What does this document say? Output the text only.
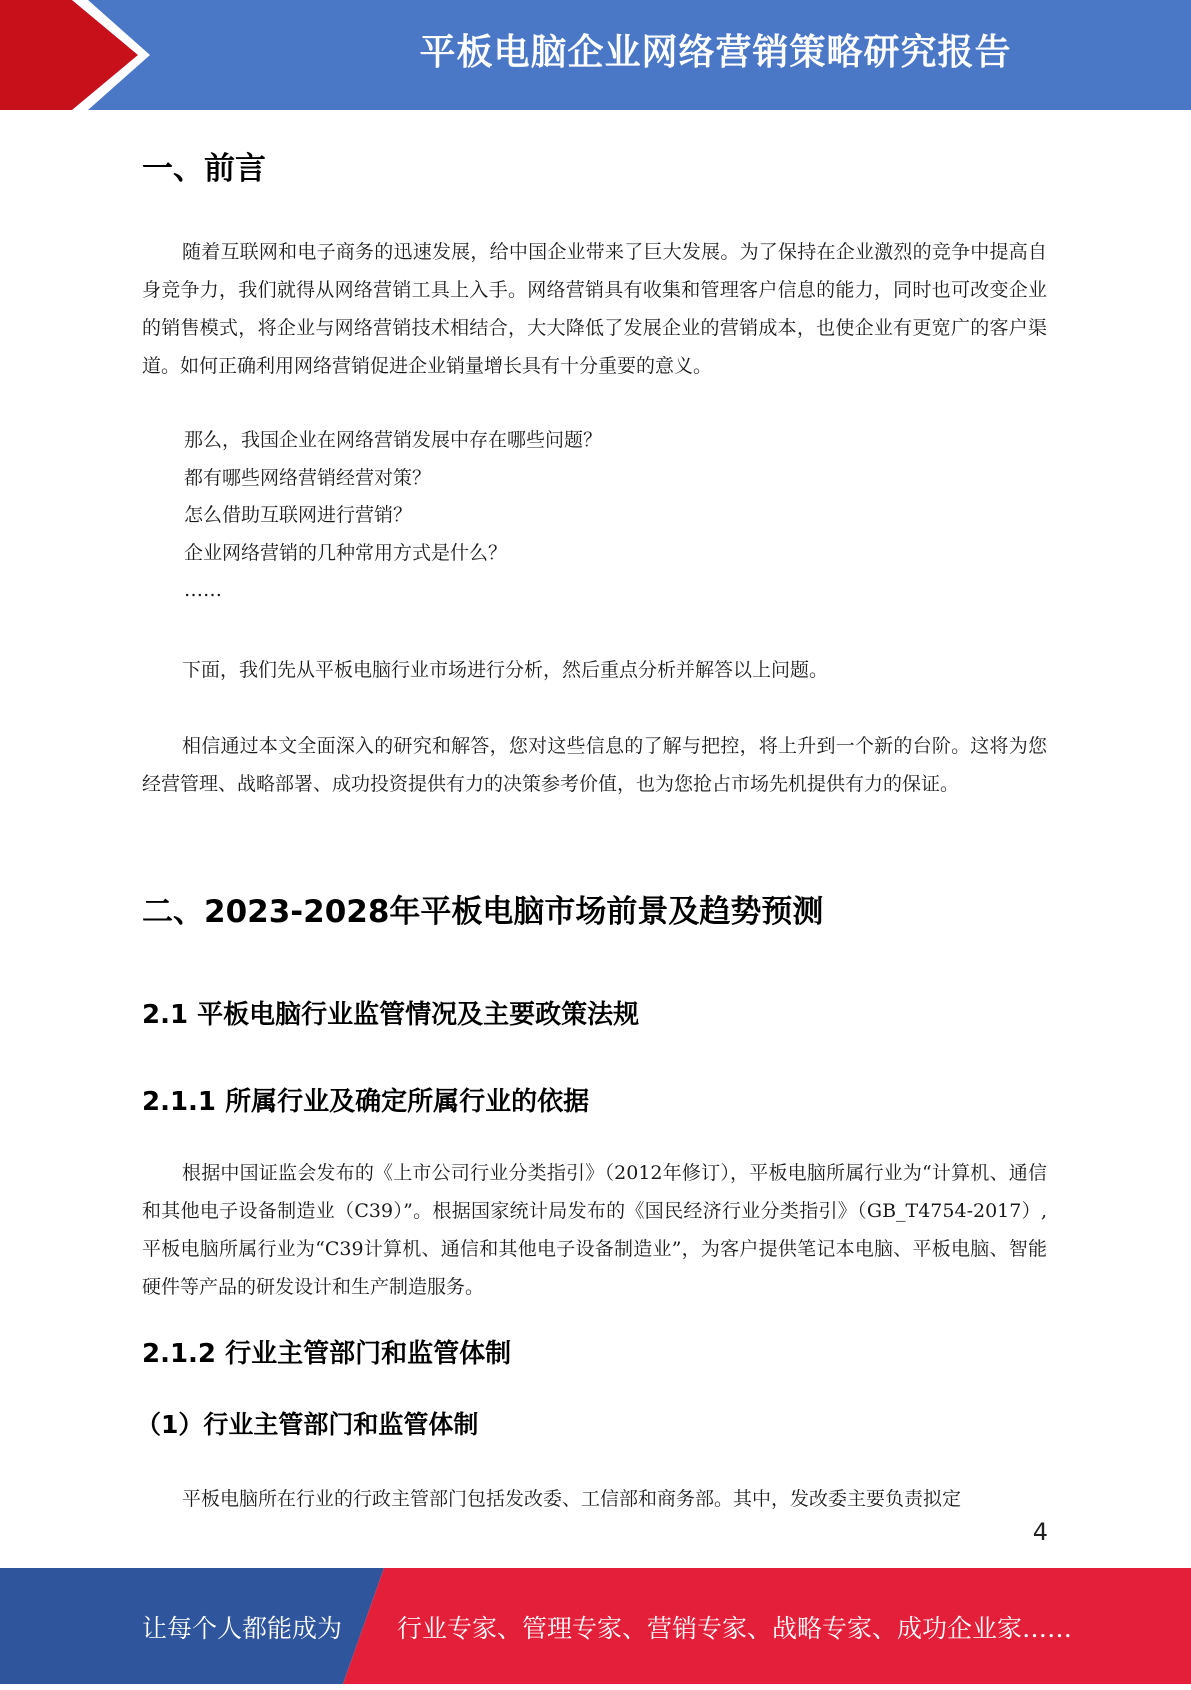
平板电脑企业网络营销策略研究报告
一、前言

随着互联网和电子商务的迅速发展，给中国企业带来了巨大发展。为了保持在企业激烈的竞争中提高自身竞争力，我们就得从网络营销工具上入手。网络营销具有收集和管理客户信息的能力，同时也可改变企业的销售模式，将企业与网络营销技术相结合，大大降低了发展企业的营销成本，也使企业有更宽广的客户渠道。如何正确利用网络营销促进企业销量增长具有十分重要的意义。

那么，我国企业在网络营销发展中存在哪些问题？
都有哪些网络营销经营对策？
怎么借助互联网进行营销？
企业网络营销的几种常用方式是什么？
……

下面，我们先从平板电脑行业市场进行分析，然后重点分析并解答以上问题。

相信通过本文全面深入的研究和解答，您对这些信息的了解与把控，将上升到一个新的台阶。这将为您经营管理、战略部署、成功投资提供有力的决策参考价值，也为您抢占市场先机提供有力的保证。

二、2023-2028年平板电脑市场前景及趋势预测
2.1 平板电脑行业监管情况及主要政策法规
2.1.1 所属行业及确定所属行业的依据

根据中国证监会发布的《上市公司行业分类指引》（2012年修订），平板电脑所属行业为“计算机、通信和其他电子设备制造业（C39）”。根据国家统计局发布的《国民经济行业分类指引》（GB_T4754-2017）,平板电脑所属行业为“C39计算机、通信和其他电子设备制造业”，为客户提供笔记本电脑、平板电脑、智能硬件等产品的研发设计和生产制造服务。

2.1.2 行业主管部门和监管体制
（1）行业主管部门和监管体制

平板电脑所在行业的行政主管部门包括发改委、工信部和商务部。其中，发改委主要负责拟定

4
让每个人都能成为 行业专家、管理专家、营销专家、战略专家、成功企业家……
